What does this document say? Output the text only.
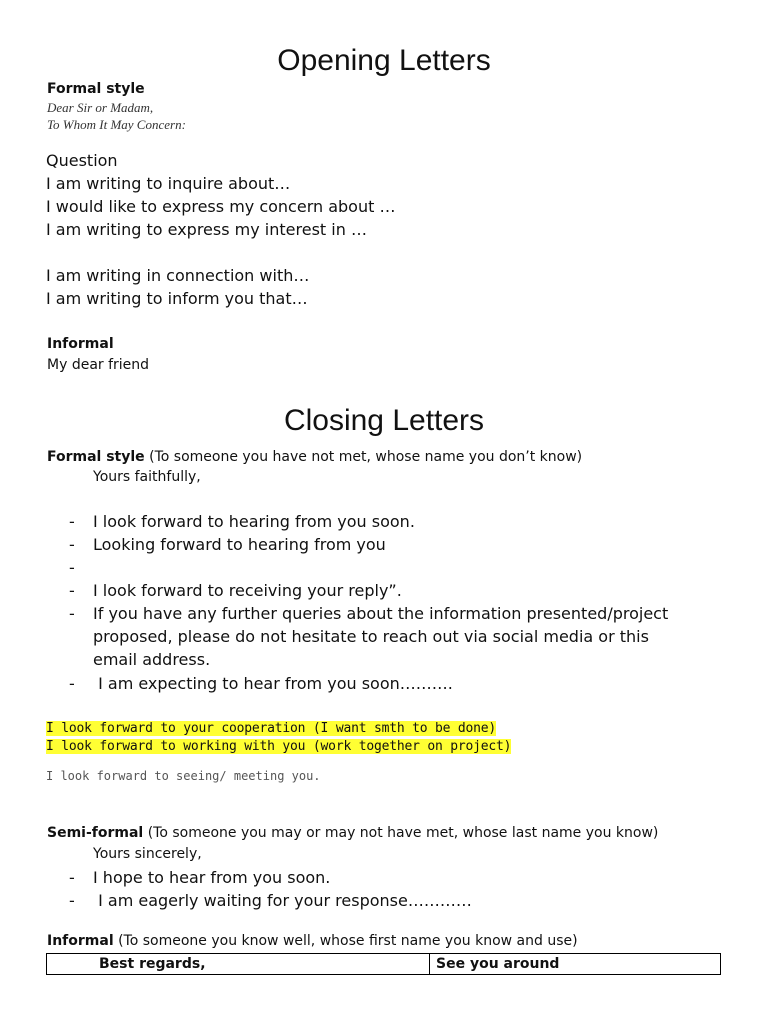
Opening Letters
Formal style
Dear Sir or Madam,
To Whom It May Concern:
Question
I am writing to inquire about…
I would like to express my concern about …
I am writing to express my interest in …
I am writing in connection with…
I am writing to inform you that…
Informal
My dear friend
Closing Letters
Formal style (To someone you have not met, whose name you don’t know)
Yours faithfully,
- I look forward to hearing from you soon.
- Looking forward to hearing from you
-
- I look forward to receiving your reply”.
- If you have any further queries about the information presented/project
proposed, please do not hesitate to reach out via social media or this
email address.
- I am expecting to hear from you soon……….
I look forward to your cooperation (I want smth to be done)
I look forward to working with you (work together on project)
I look forward to seeing/ meeting you.
Semi-formal (To someone you may or may not have met, whose last name you know)
Yours sincerely,
- I hope to hear from you soon.
- I am eagerly waiting for your response…………
Informal (To someone you know well, whose first name you know and use)
Best regards,	See you around
